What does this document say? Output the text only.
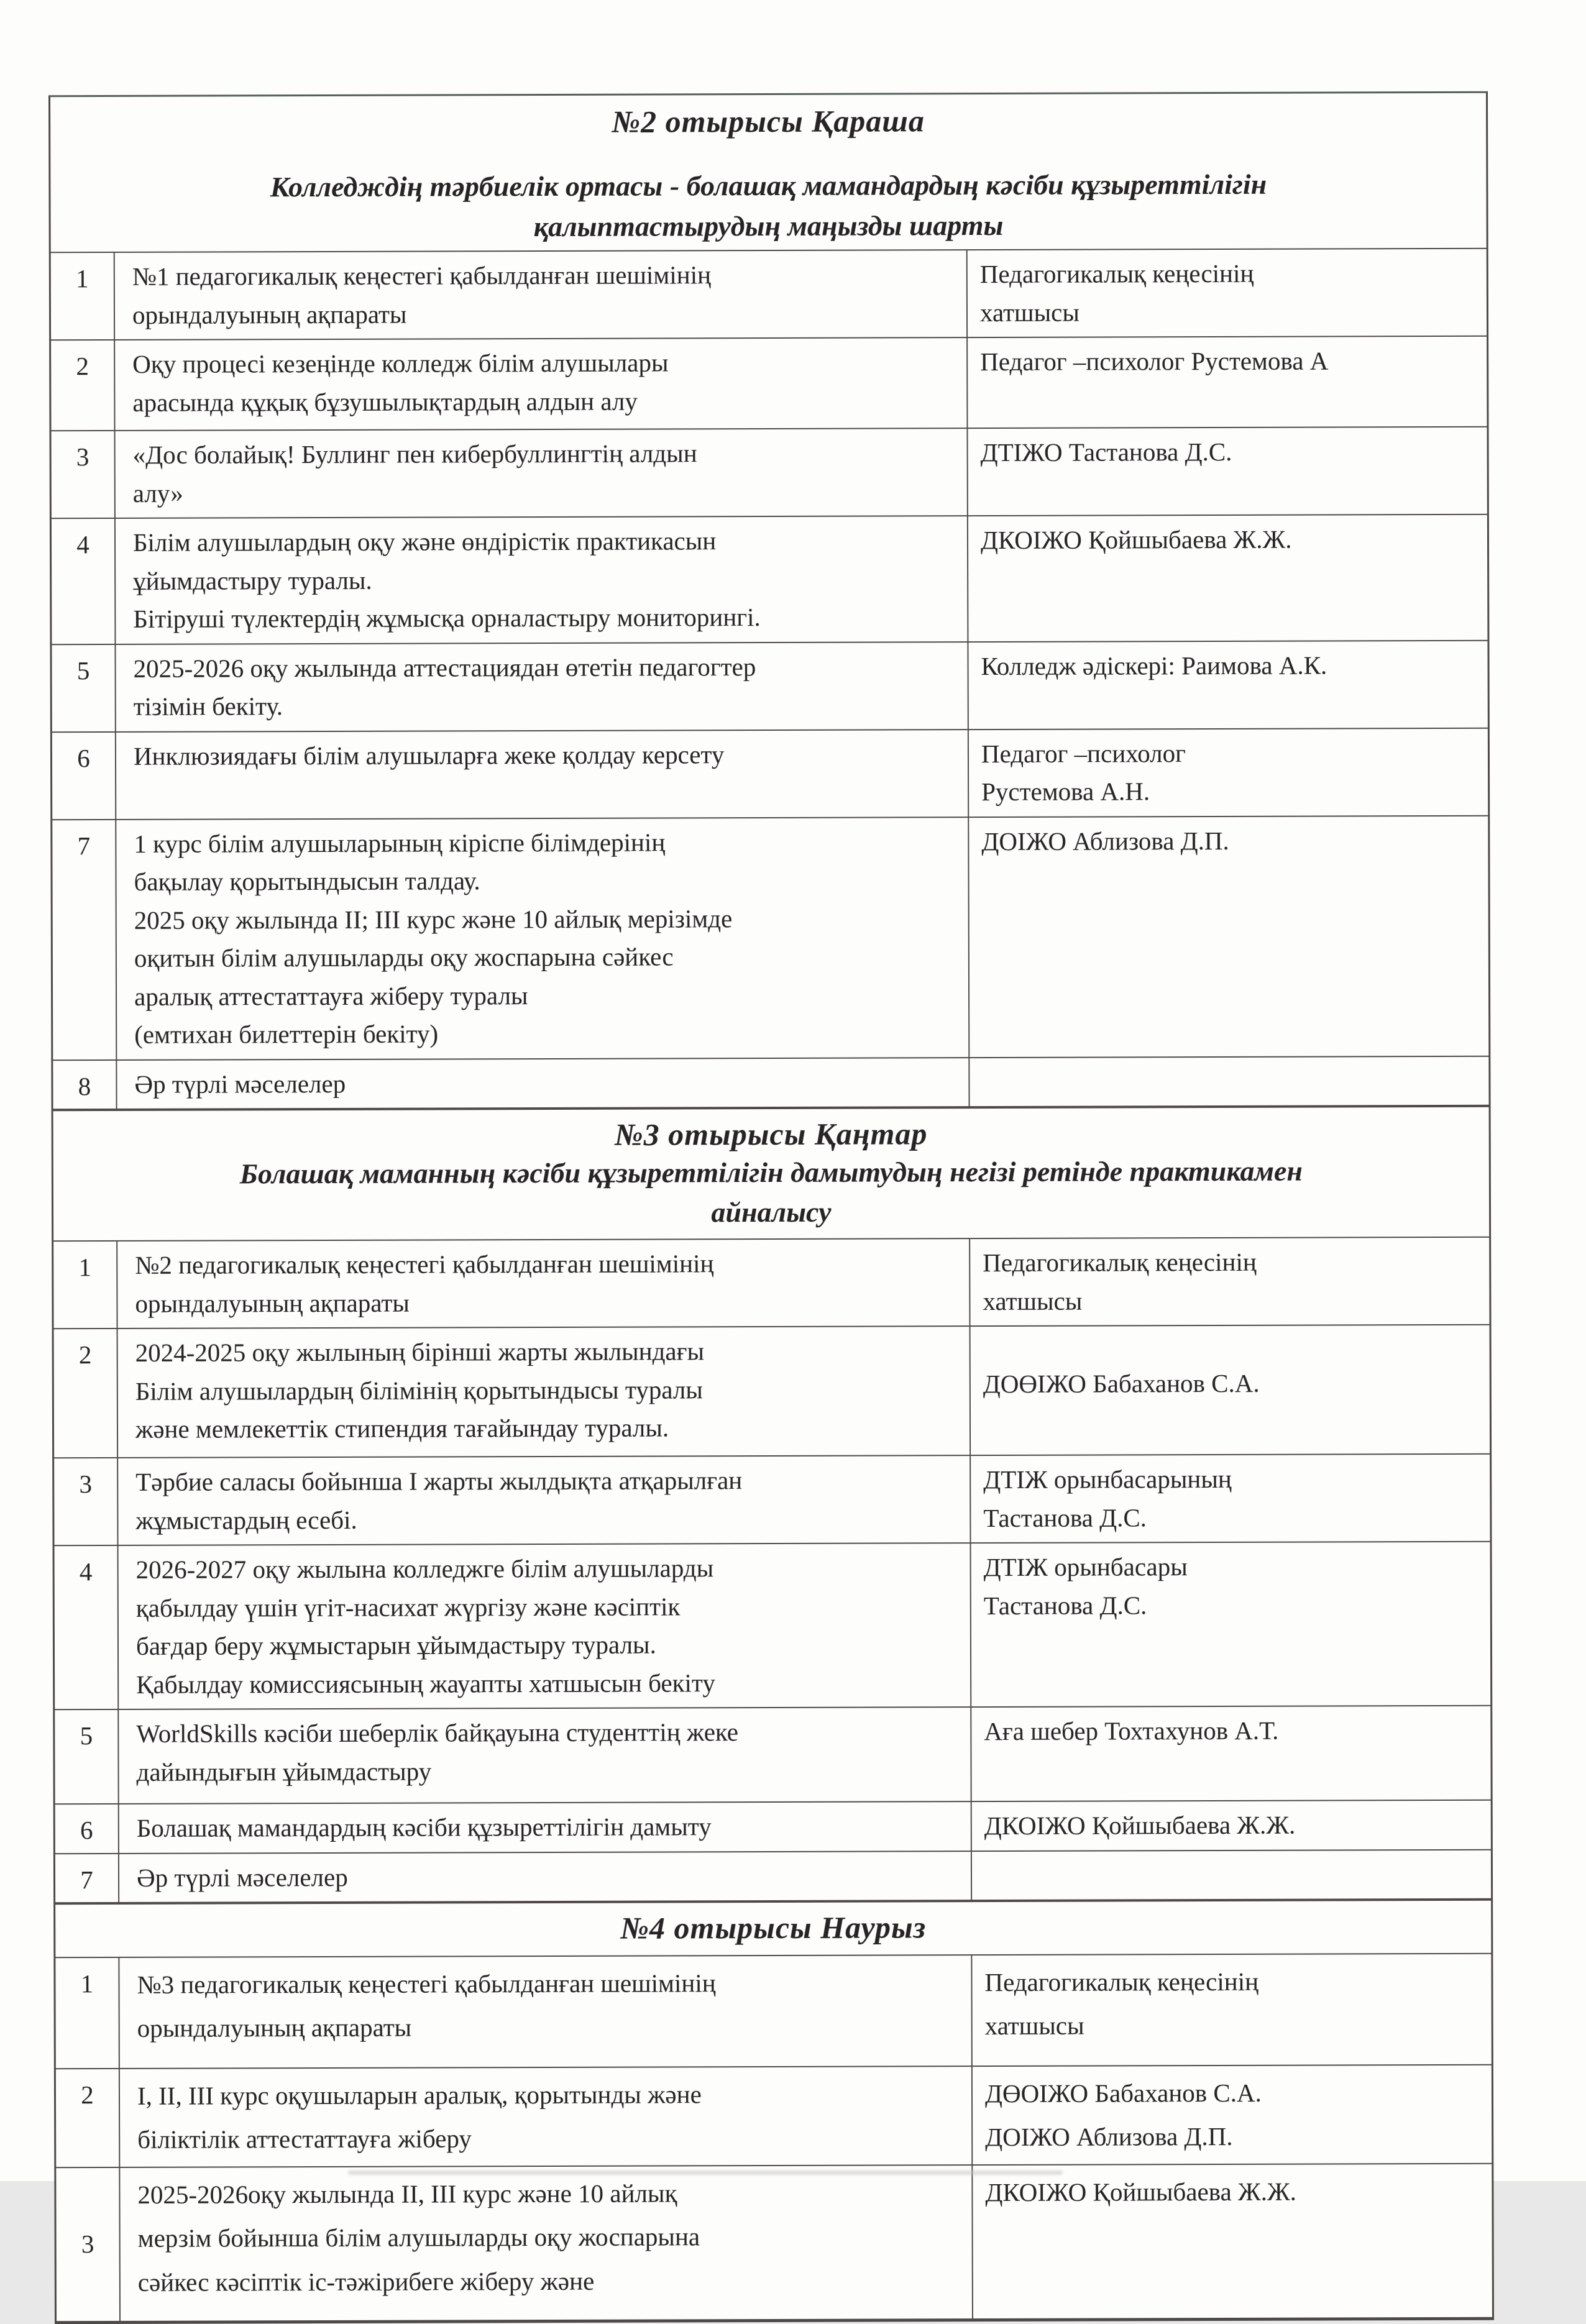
№2 отырысы Қараша
Колледждің тәрбиелік ортасы - болашақ мамандардың кәсіби құзыреттілігін
қалыптастырудың маңызды шарты
1	№1 педагогикалық кеңестегі қабылданған шешімінің
орындалуының ақпараты	Педагогикалық кеңесінің
хатшысы
2	Оқу процесі кезеңінде колледж білім алушылары
арасында құқық бұзушылықтардың алдын алу	Педагог –психолог Рустемова А
3	«Дос болайық! Буллинг пен кибербуллингтің алдын
алу»	ДТІЖО Тастанова Д.С.
4	Білім алушылардың оқу және өндірістік практикасын
ұйымдастыру туралы.
Бітіруші түлектердің жұмысқа орналастыру мониторингі.	ДКОІЖО Қойшыбаева Ж.Ж.
5	2025-2026 оқу жылында аттестациядан өтетін педагогтер
тізімін бекіту.	Колледж әдіскері: Раимова А.К.
6	Инклюзиядағы білім алушыларға жеке қолдау керсету	Педагог –психолог
Рустемова А.Н.
7	1 курс білім алушыларының кіріспе білімдерінің
бақылау қорытындысын талдау.
2025 оқу жылында II; III курс және 10 айлық мерізімде
оқитын білім алушыларды оқу жоспарына сәйкес
аралық аттестаттауға жіберу туралы
(емтихан билеттерін бекіту)	ДОІЖО Аблизова Д.П.
8	Әр түрлі мәселелер	
№3 отырысы Қаңтар
Болашақ маманның кәсіби құзыреттілігін дамытудың негізі ретінде практикамен
айналысу
1	№2 педагогикалық кеңестегі қабылданған шешімінің
орындалуының ақпараты	Педагогикалық кеңесінің
хатшысы
2	2024-2025 оқу жылының бірінші жарты жылындағы
Білім алушылардың білімінің қорытындысы туралы
және мемлекеттік стипендия тағайындау туралы.	ДОӨІЖО Бабаханов С.А.
3	Тәрбие саласы бойынша I жарты жылдықта атқарылған
жұмыстардың есебі.	ДТІЖ орынбасарының
Тастанова Д.С.
4	2026-2027 оқу жылына колледжге білім алушыларды
қабылдау үшін үгіт-насихат жүргізу және кәсіптік
бағдар беру жұмыстарын ұйымдастыру туралы.
Қабылдау комиссиясының жауапты хатшысын бекіту	ДТІЖ орынбасары
Тастанова Д.С.
5	WorldSkills кәсіби шеберлік байқауына студенттің жеке
дайындығын ұйымдастыру	Аға шебер Тохтахунов А.Т.
6	Болашақ мамандардың кәсіби құзыреттілігін дамыту	ДКОІЖО Қойшыбаева Ж.Ж.
7	Әр түрлі мәселелер	
№4 отырысы Наурыз
1	№3 педагогикалық кеңестегі қабылданған шешімінің
орындалуының ақпараты	Педагогикалық кеңесінің
хатшысы
2	I, II, III курс оқушыларын аралық, қорытынды және
біліктілік аттестаттауға жіберу	ДӨОІЖО Бабаханов С.А.
ДОІЖО Аблизова Д.П.
3	2025-2026оқу жылында II, III курс және 10 айлық
мерзім бойынша білім алушыларды оқу жоспарына
сәйкес кәсіптік іс-тәжірибеге жіберу және	ДКОІЖО Қойшыбаева Ж.Ж.
